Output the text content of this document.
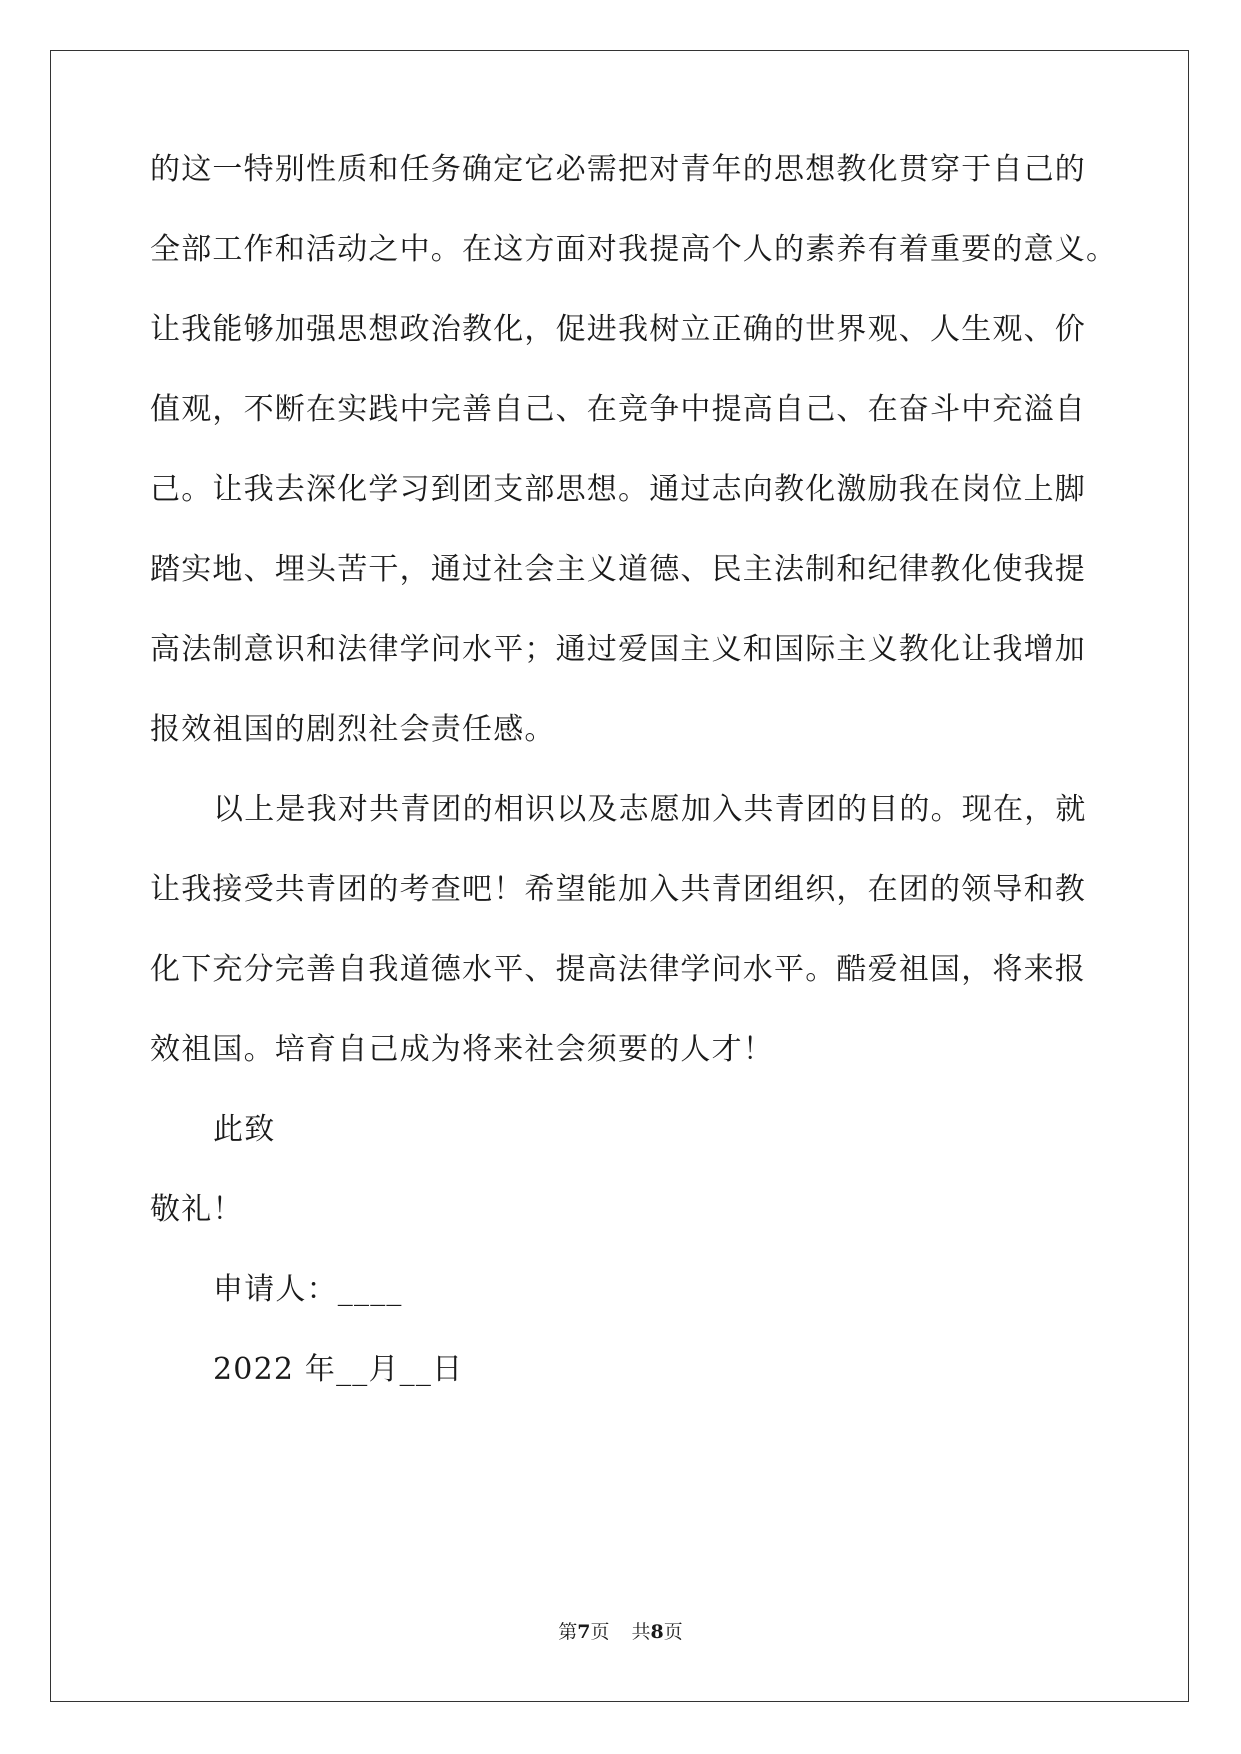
的这一特别性质和任务确定它必需把对青年的思想教化贯穿于自己的
全部工作和活动之中。在这方面对我提高个人的素养有着重要的意义。
让我能够加强思想政治教化，促进我树立正确的世界观、人生观、价
值观，不断在实践中完善自己、在竞争中提高自己、在奋斗中充溢自
己。让我去深化学习到团支部思想。通过志向教化激励我在岗位上脚
踏实地、埋头苦干，通过社会主义道德、民主法制和纪律教化使我提
高法制意识和法律学问水平；通过爱国主义和国际主义教化让我增加
报效祖国的剧烈社会责任感。
以上是我对共青团的相识以及志愿加入共青团的目的。现在，就
让我接受共青团的考查吧！希望能加入共青团组织，在团的领导和教
化下充分完善自我道德水平、提高法律学问水平。酷爱祖国，将来报
效祖国。培育自己成为将来社会须要的人才！
此致
敬礼！
申请人：____
2022 年__月__日
第7页 共8页
